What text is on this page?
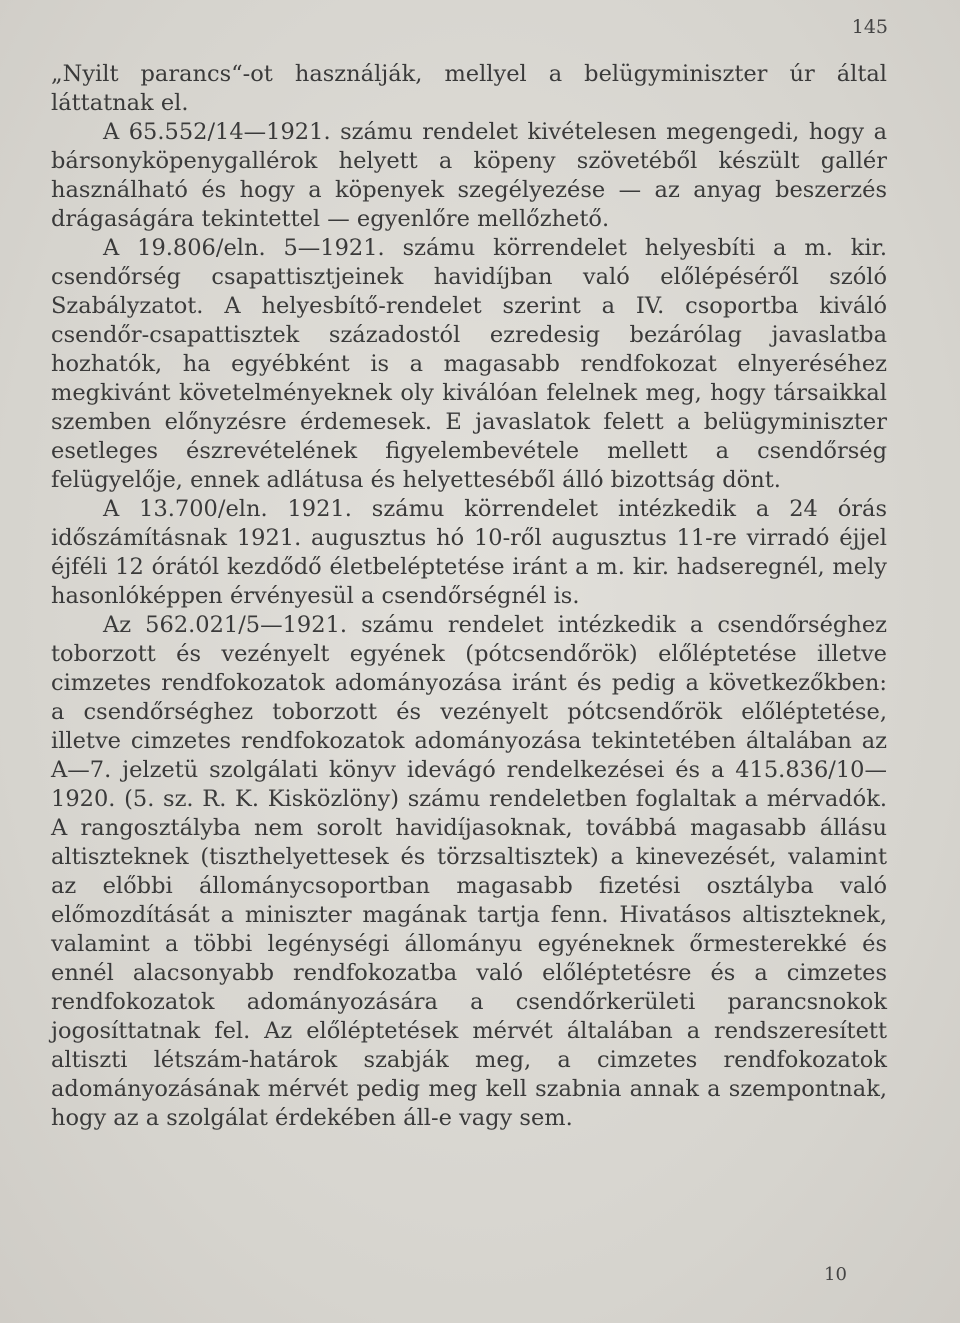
145

„Nyilt parancs“-ot használják, mellyel a belügyminiszter úr által láttatnak el.

A 65.552/14—1921. számu rendelet kivételesen megengedi, hogy a bársonyköpenygallérok helyett a köpeny szövetéből készült gallér használható és hogy a köpenyek szegélyezése — az anyag beszerzés drágaságára tekintettel — egyenlőre mellőzhető.

A 19.806/eln. 5—1921. számu körrendelet helyesbíti a m. kir. csendőrség csapattisztjeinek havidíjban való előlépéséről szóló Szabályzatot. A helyesbítő-rendelet szerint a IV. csoportba kiváló csendőr-csapattisztek századostól ezredesig bezárólag javaslatba hozhatók, ha egyébként is a magasabb rendfokozat elnyeréséhez megkivánt követelményeknek oly kiválóan felelnek meg, hogy társaikkal szemben előnyzésre érdemesek. E javaslatok felett a belügyminiszter esetleges észrevételének figyelembevétele mellett a csendőrség felügyelője, ennek adlátusa és helyetteséből álló bizottság dönt.

A 13.700/eln. 1921. számu körrendelet intézkedik a 24 órás időszámításnak 1921. augusztus hó 10-ről augusztus 11-re virradó éjjel éjféli 12 órától kezdődő életbeléptetése iránt a m. kir. hadseregnél, mely hasonlóképpen érvényesül a csendőrségnél is.

Az 562.021/5—1921. számu rendelet intézkedik a csendőrséghez toborzott és vezényelt egyének (pótcsendőrök) előléptetése illetve cimzetes rendfokozatok adományozása iránt és pedig a következőkben: a csendőrséghez toborzott és vezényelt pótcsendőrök előléptetése, illetve cimzetes rendfokozatok adományozása tekintetében általában az A—7. jelzetü szolgálati könyv idevágó rendelkezései és a 415.836/10—1920. (5. sz. R. K. Kisközlöny) számu rendeletben foglaltak a mérvadók. A rangosztályba nem sorolt havidíjasoknak, továbbá magasabb állásu altiszteknek (tiszthelyettesek és törzsaltisztek) a kinevezését, valamint az előbbi állománycsoportban magasabb fizetési osztályba való előmozdítását a miniszter magának tartja fenn. Hivatásos altiszteknek, valamint a többi legénységi állományu egyéneknek őrmesterekké és ennél alacsonyabb rendfokozatba való előléptetésre és a cimzetes rendfokozatok adományozására a csendőrkerületi parancsnokok jogosíttatnak fel. Az előléptetések mérvét általában a rendszeresített altiszti létszám-határok szabják meg, a cimzetes rendfokozatok adományozásának mérvét pedig meg kell szabnia annak a szempontnak, hogy az a szolgálat érdekében áll-e vagy sem.

10
